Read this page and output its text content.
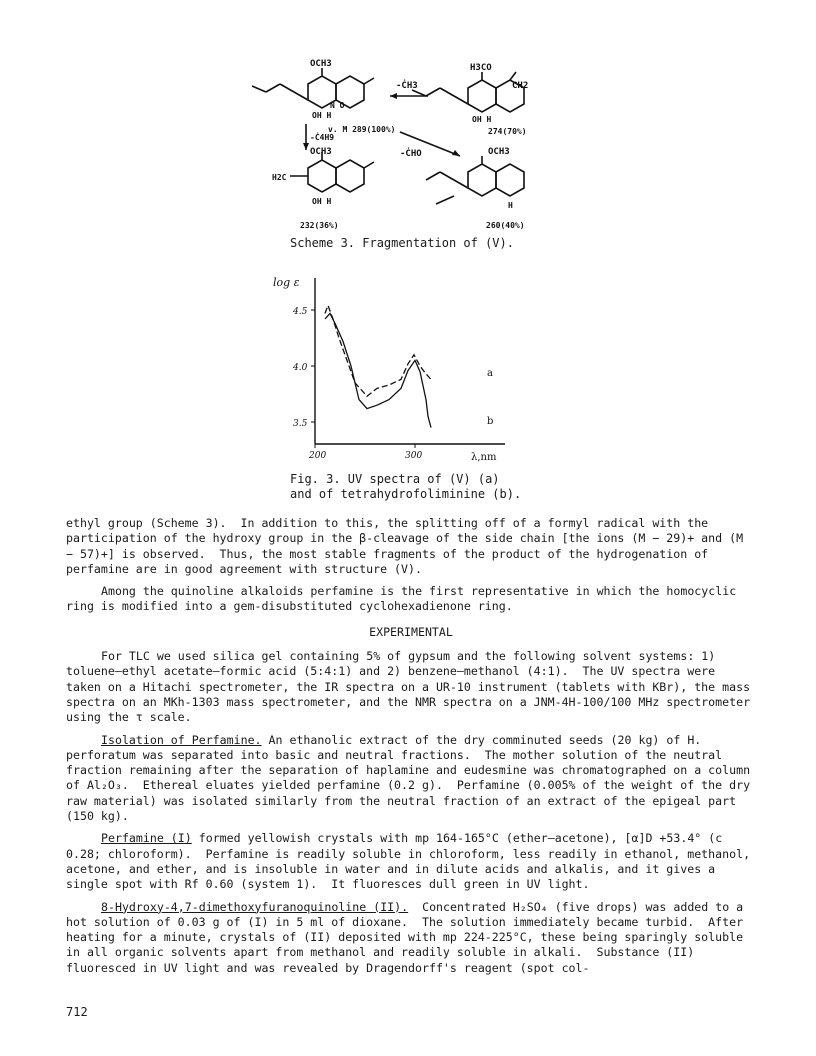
OCH3	H3CO
CH2
-ĊH3
N O
OH H	OH H
v. M 289(100%)	274(70%)
-Ċ4H9
OCH3	-ĊHO	OCH3
H2C
OH H	H
232(36%)	260(40%)
Scheme 3. Fragmentation of (V).
log ε
4.5
4.0
3.5
200	300	λ,nm
a
b
Fig. 3. UV spectra of (V) (a)
and of tetrahydrofoliminine (b).

ethyl group (Scheme 3).  In addition to this, the splitting off of a formyl radical with the participation of the hydroxy group in the β-cleavage of the side chain [the ions (M − 29)+ and (M − 57)+] is observed.  Thus, the most stable fragments of the product of the hydrogenation of perfamine are in good agreement with structure (V).

Among the quinoline alkaloids perfamine is the first representative in which the homocyclic ring is modified into a gem-disubstituted cyclohexadienone ring.

EXPERIMENTAL

For TLC we used silica gel containing 5% of gypsum and the following solvent systems: 1) toluene–ethyl acetate–formic acid (5:4:1) and 2) benzene–methanol (4:1).  The UV spectra were taken on a Hitachi spectrometer, the IR spectra on a UR-10 instrument (tablets with KBr), the mass spectra on an MKh-1303 mass spectrometer, and the NMR spectra on a JNM-4H-100/100 MHz spectrometer using the τ scale.

Isolation of Perfamine. An ethanolic extract of the dry comminuted seeds (20 kg) of H. perforatum was separated into basic and neutral fractions.  The mother solution of the neutral fraction remaining after the separation of haplamine and eudesmine was chromatographed on a column of Al₂O₃.  Ethereal eluates yielded perfamine (0.2 g).  Perfamine (0.005% of the weight of the dry raw material) was isolated similarly from the neutral fraction of an extract of the epigeal part (150 kg).

Perfamine (I) formed yellowish crystals with mp 164-165°C (ether–acetone), [α]D +53.4° (c 0.28; chloroform).  Perfamine is readily soluble in chloroform, less readily in ethanol, methanol, acetone, and ether, and is insoluble in water and in dilute acids and alkalis, and it gives a single spot with Rf 0.60 (system 1).  It fluoresces dull green in UV light.

8-Hydroxy-4,7-dimethoxyfuranoquinoline (II).  Concentrated H₂SO₄ (five drops) was added to a hot solution of 0.03 g of (I) in 5 ml of dioxane.  The solution immediately became turbid.  After heating for a minute, crystals of (II) deposited with mp 224-225°C, these being sparingly soluble in all organic solvents apart from methanol and readily soluble in alkali.  Substance (II) fluoresced in UV light and was revealed by Dragendorff's reagent (spot col-

712
